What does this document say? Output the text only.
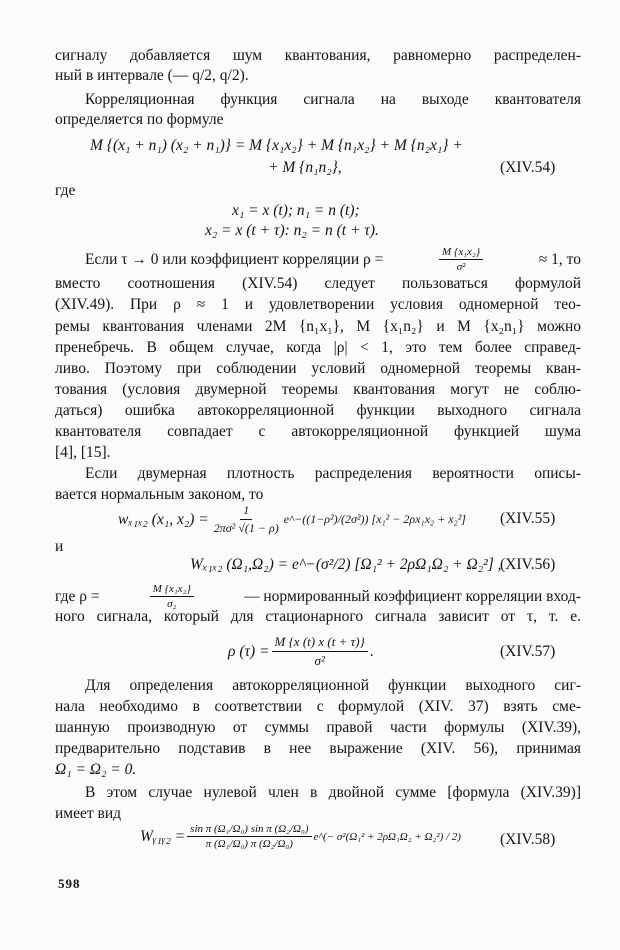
сигналу добавляется шум квантования, равномерно распределен-
ный в интервале (— q/2, q/2).
Корреляционная функция сигнала на выходе квантователя
определяется по формуле
M {(x₁ + n₁) (x₂ + n₁)} = M {x₁x₂} + M {n₁x₂} + M {n₂x₁} +
+ M {n₁n₂},	(XIV.54)
где
x₁ = x (t); n₁ = n (t);
x₂ = x (t + τ): n₂ = n (t + τ).
Если τ → 0 или коэффициент корреляции ρ =	$\frac{\text{M \{x₁x₂\}}}{\text{σ²}}$	≈ 1, то
вместо соотношения (XIV.54) следует пользоваться формулой
(XIV.49). При ρ ≈ 1 и удовлетворении условия одномерной тео-
ремы квантования членами 2M {n₁x₁}, M {x₁n₂} и M {x₂n₁} можно
пренебречь. В общем случае, когда |ρ| < 1, это тем более справед-
ливо. Поэтому при соблюдении условий одномерной теоремы кван-
тования (условия двумерной теоремы квантования могут не соблю-
даться) ошибка автокорреляционной функции выходного сигнала
квантователя совпадает с автокорреляционной функцией шума
[4], [15].
Если двумерная плотность распределения вероятности описы-
вается нормальным законом, то
wₓ₁ₓ₂ (x₁, $x_2) = \frac{1}{\text{2πσ² √(1 − ρ)}}$ e^−((1−ρ²)/(2σ²)) [x₁² − 2ρx₁x₂ + x₂²] (XIV.55)
и
Wₓ₁ₓ₂ (Ω₁,Ω₂) = e^−(σ²/2) [Ω₁² + 2ρΩ₁Ω₂ + Ω₂²] ,
(XIV.56)
где ρ =	$\frac{\text{M \{x₁x₂\}}}{\text{σ₂}}$	— нормированный коэффициент корреляции вход-
ного сигнала, который для стационарного сигнала зависит от τ, т. е.
ρ $(\tau) = \frac{M \{x (t) x (t + \tau)\}}{\text{σ²}}$ .	(XIV.57)
Для определения автокорреляционной функции выходного сиг-
нала необходимо в соответствии с формулой (XIV. 37) взять сме-
шанную производную от суммы правой части формулы (XIV.39),
предварительно подставив в нее выражение (XIV. 56), принимая
Ω₁ = Ω₂ = 0.
В этом случае нулевой член в двойной сумме [формула (XIV.39)]
имеет вид
Wᵧ₁ᵧ₂ = $\frac{\text{sin π (Ω₁/Ω₀) sin π (Ω₂/Ω₀)}}{\text{π (Ω₁/Ω₀) π (Ω₂/Ω₀)}}$ e^(− σ²(Ω₁² + 2ρΩ₁Ω₂ + Ω₂²) / 2)	(XIV.58)
598
